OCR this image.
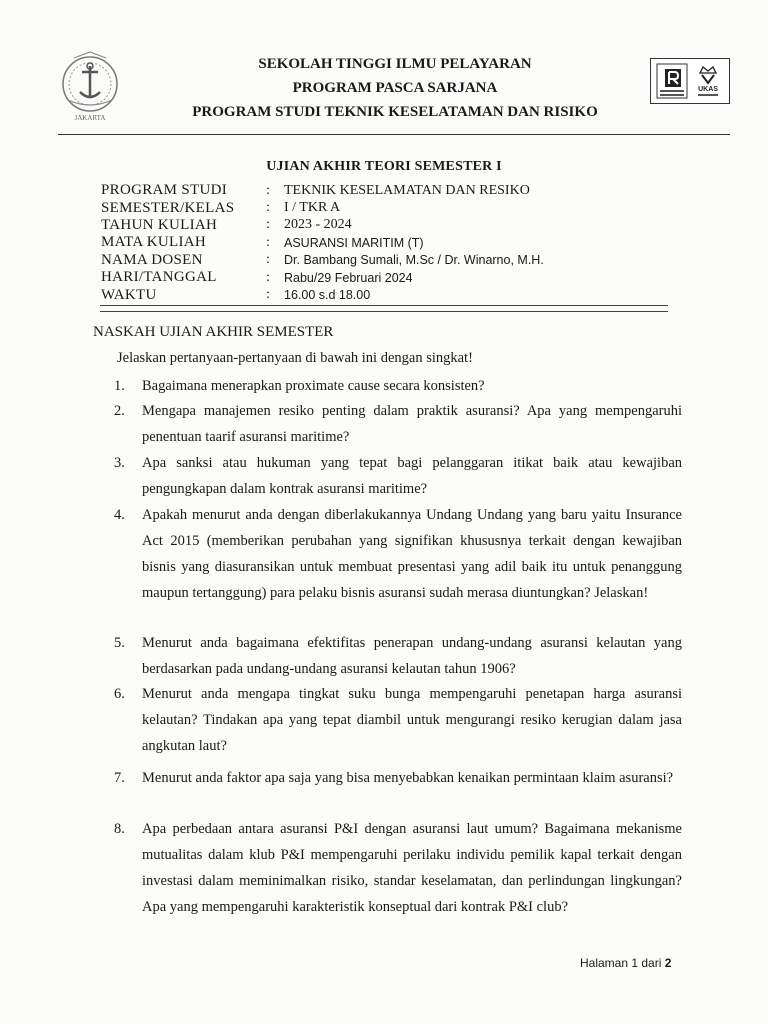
JAKARTA
SEKOLAH TINGGI ILMU PELAYARAN
PROGRAM PASCA SARJANA
PROGRAM STUDI TEKNIK KESELATAMAN DAN RISIKO
UKAS
UJIAN AKHIR TEORI SEMESTER I
PROGRAM STUDI	:	TEKNIK KESELAMATAN DAN RESIKO
SEMESTER/KELAS	:	I / TKR A
TAHUN KULIAH	:	2023 - 2024
MATA KULIAH	:	ASURANSI MARITIM (T)
NAMA DOSEN	:	Dr. Bambang Sumali, M.Sc / Dr. Winarno, M.H.
HARI/TANGGAL	:	Rabu/29 Februari 2024
WAKTU	:	16.00 s.d 18.00
NASKAH UJIAN AKHIR SEMESTER
Jelaskan pertanyaan-pertanyaan di bawah ini dengan singkat!
1.	Bagaimana menerapkan proximate cause secara konsisten?
2.	Mengapa manajemen resiko penting dalam praktik asuransi? Apa yang mempengaruhi penentuan taarif asuransi maritime?
3.	Apa sanksi atau hukuman yang tepat bagi pelanggaran itikat baik atau kewajiban pengungkapan dalam kontrak asuransi maritime?
4.	Apakah menurut anda dengan diberlakukannya Undang Undang yang baru yaitu Insurance Act 2015 (memberikan perubahan yang signifikan khususnya terkait dengan kewajiban bisnis yang diasuransikan untuk membuat presentasi yang adil baik itu untuk penanggung maupun tertanggung) para pelaku bisnis asuransi sudah merasa diuntungkan? Jelaskan!
5.	Menurut anda bagaimana efektifitas penerapan undang-undang asuransi kelautan yang berdasarkan pada undang-undang asuransi kelautan tahun 1906?
6.	Menurut anda mengapa tingkat suku bunga mempengaruhi penetapan harga asuransi kelautan? Tindakan apa yang tepat diambil untuk mengurangi resiko kerugian dalam jasa angkutan laut?
7.	Menurut anda faktor apa saja yang bisa menyebabkan kenaikan permintaan klaim asuransi?
8.	Apa perbedaan antara asuransi P&I dengan asuransi laut umum? Bagaimana mekanisme mutualitas dalam klub P&I mempengaruhi perilaku individu pemilik kapal terkait dengan investasi dalam meminimalkan risiko, standar keselamatan, dan perlindungan lingkungan? Apa yang mempengaruhi karakteristik konseptual dari kontrak P&I club?
Halaman 1 dari 2
